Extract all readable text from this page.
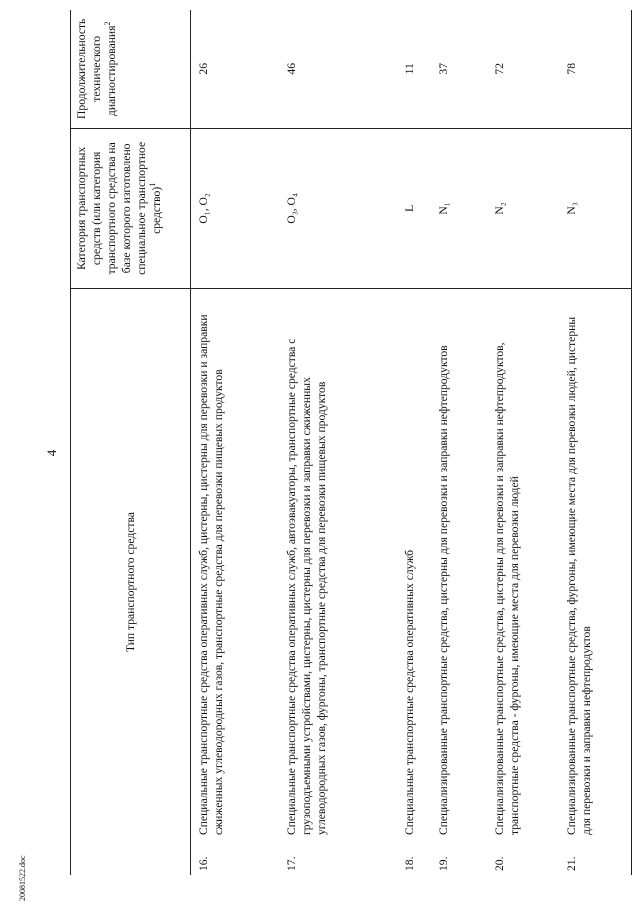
4
Тип транспортного средства	Категория транспортных средств (или категория транспортного средства на базе которого изготовлено специальное транспортное средство)$^1$	Продолжительность технического диагностирования$^2$
16.Специальные транспортные средства оперативных служб, цистерны, цистерны для перевозки и заправки сжиженных углеводородных газов, транспортные средства для перевозки пищевых продуктов	O₁, O₂	26
17.Специальные транспортные средства оперативных служб, автоэвакуаторы, транспортные средства с грузоподъемными устройствами, цистерны, цистерны для перевозки и заправки сжиженных углеводородных газов, фургоны, транспортные средства для перевозки пищевых продуктов	O₃, O₄	46
18.Специальные транспортные средства оперативных служб	L	11
19.Специализированные транспортные средства, цистерны для перевозки и заправки нефтепродуктов	N₁	37
20.Специализированные транспортные средства, цистерны для перевозки и заправки нефтепродуктов, транспортные средства - фургоны, имеющие места для перевозки людей	N₂	72
21.Специализированные транспортные средства, фургоны, имеющие места для перевозки людей, цистерны для перевозки и заправки нефтепродуктов	N₃	78
20081522.doc
